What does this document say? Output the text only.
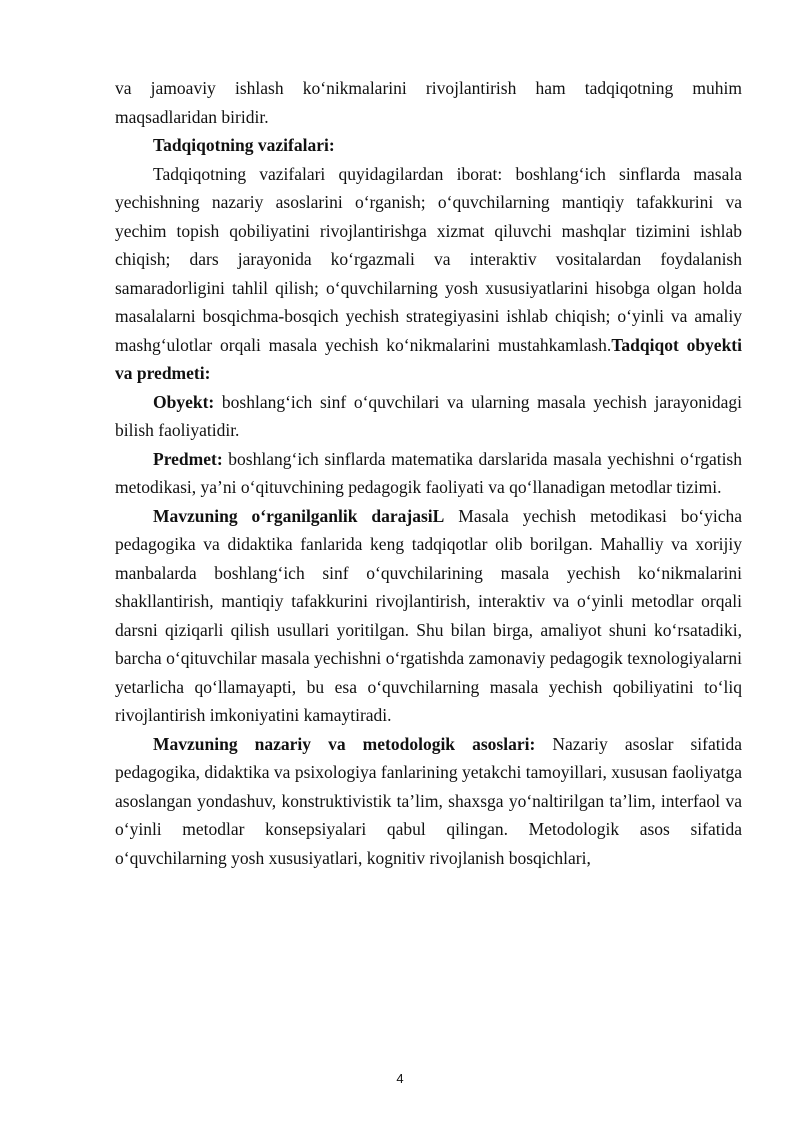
va jamoaviy ishlash ko‘nikmalarini rivojlantirish ham tadqiqotning muhim maqsadlaridan biridir.

Tadqiqotning vazifalari:

Tadqiqotning vazifalari quyidagilardan iborat: boshlang‘ich sinflarda masala yechishning nazariy asoslarini o‘rganish; o‘quvchilarning mantiqiy tafakkurini va yechim topish qobiliyatini rivojlantirishga xizmat qiluvchi mashqlar tizimini ishlab chiqish; dars jarayonida ko‘rgazmali va interaktiv vositalardan foydalanish samaradorligini tahlil qilish; o‘quvchilarning yosh xususiyatlarini hisobga olgan holda masalalarni bosqichma-bosqich yechish strategiyasini ishlab chiqish; o‘yinli va amaliy mashg‘ulotlar orqali masala yechish ko‘nikmalarini mustahkamlash.Tadqiqot obyekti va predmeti:

Obyekt: boshlang‘ich sinf o‘quvchilari va ularning masala yechish jarayonidagi bilish faoliyatidir.

Predmet: boshlang‘ich sinflarda matematika darslarida masala yechishni o‘rgatish metodikasi, ya’ni o‘qituvchining pedagogik faoliyati va qo‘llanadigan metodlar tizimi.

Mavzuning o‘rganilganlik darajasiL Masala yechish metodikasi bo‘yicha pedagogika va didaktika fanlarida keng tadqiqotlar olib borilgan. Mahalliy va xorijiy manbalarda boshlang‘ich sinf o‘quvchilarining masala yechish ko‘nikmalarini shakllantirish, mantiqiy tafakkurini rivojlantirish, interaktiv va o‘yinli metodlar orqali darsni qiziqarli qilish usullari yoritilgan. Shu bilan birga, amaliyot shuni ko‘rsatadiki, barcha o‘qituvchilar masala yechishni o‘rgatishda zamonaviy pedagogik texnologiyalarni yetarlicha qo‘llamayapti, bu esa o‘quvchilarning masala yechish qobiliyatini to‘liq rivojlantirish imkoniyatini kamaytiradi.

Mavzuning nazariy va metodologik asoslari: Nazariy asoslar sifatida pedagogika, didaktika va psixologiya fanlarining yetakchi tamoyillari, xususan faoliyatga asoslangan yondashuv, konstruktivistik ta’lim, shaxsga yo‘naltirilgan ta’lim, interfaol va o‘yinli metodlar konsepsiyalari qabul qilingan. Metodologik asos sifatida o‘quvchilarning yosh xususiyatlari, kognitiv rivojlanish bosqichlari,

4
